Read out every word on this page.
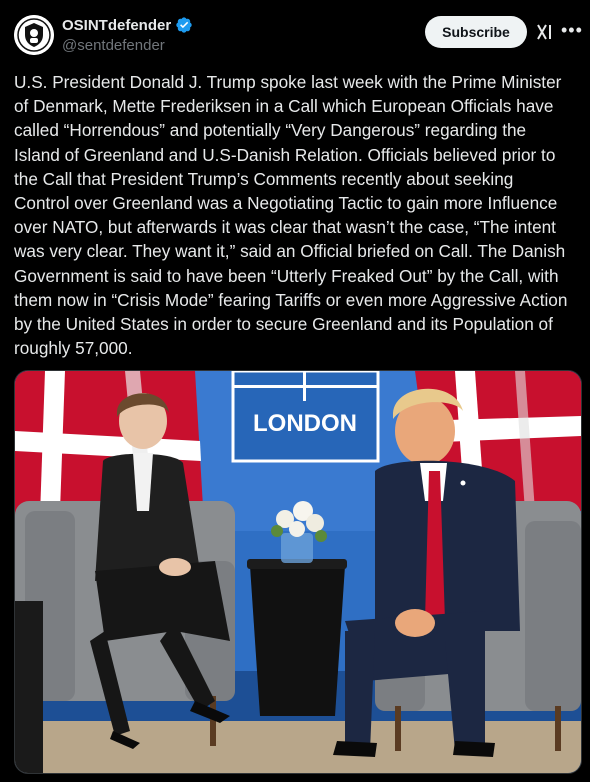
OSINTdefender
@sentdefender
Subscribe	•••

U.S. President Donald J. Trump spoke last week with the Prime Minister
of Denmark, Mette Frederiksen in a Call which European Officials have
called “Horrendous” and potentially “Very Dangerous” regarding the
Island of Greenland and U.S-Danish Relation. Officials believed prior to
the Call that President Trump’s Comments recently about seeking
Control over Greenland was a Negotiating Tactic to gain more Influence
over NATO, but afterwards it was clear that wasn’t the case, “The intent
was very clear. They want it,” said an Official briefed on Call. The Danish
Government is said to have been “Utterly Freaked Out” by the Call, with
them now in “Crisis Mode” fearing Tariffs or even more Aggressive Action
by the United States in order to secure Greenland and its Population of
roughly 57,000.

LONDON
